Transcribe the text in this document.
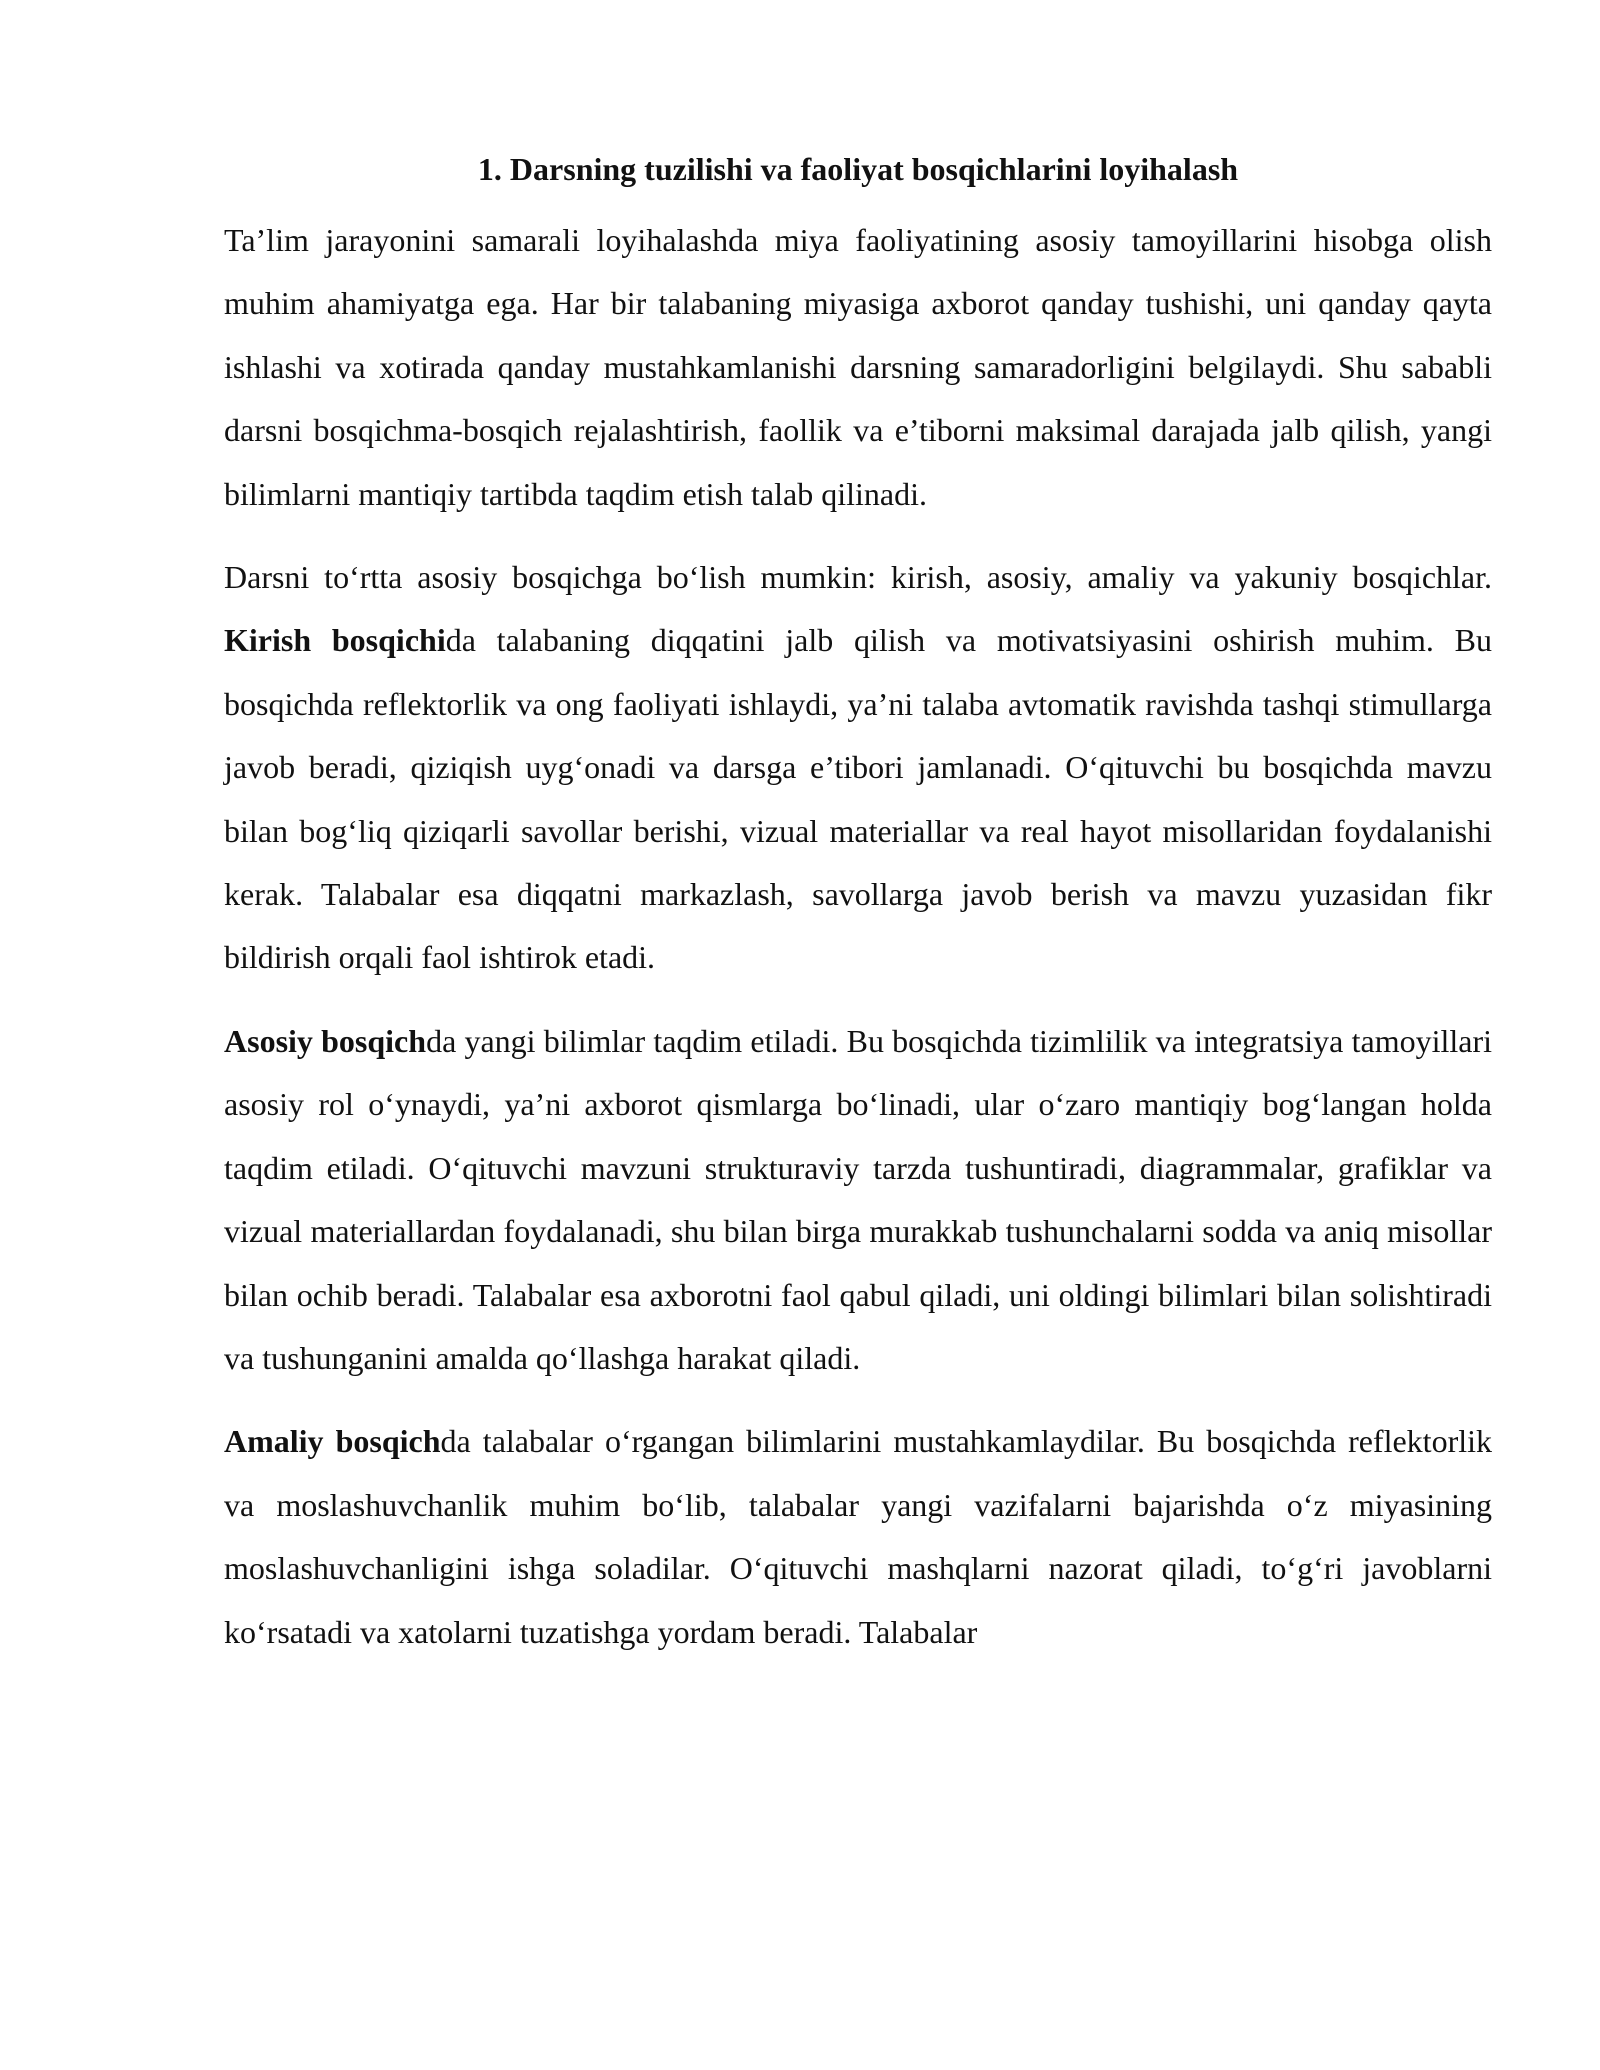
1. Darsning tuzilishi va faoliyat bosqichlarini loyihalash

Ta’lim jarayonini samarali loyihalashda miya faoliyatining asosiy tamoyillarini hisobga olish muhim ahamiyatga ega. Har bir talabaning miyasiga axborot qanday tushishi, uni qanday qayta ishlashi va xotirada qanday mustahkamlanishi darsning samaradorligini belgilaydi. Shu sababli darsni bosqichma-bosqich rejalashtirish, faollik va e’tiborni maksimal darajada jalb qilish, yangi bilimlarni mantiqiy tartibda taqdim etish talab qilinadi.

Darsni to‘rtta asosiy bosqichga bo‘lish mumkin: kirish, asosiy, amaliy va yakuniy bosqichlar. Kirish bosqichida talabaning diqqatini jalb qilish va motivatsiyasini oshirish muhim. Bu bosqichda reflektorlik va ong faoliyati ishlaydi, ya’ni talaba avtomatik ravishda tashqi stimullarga javob beradi, qiziqish uyg‘onadi va darsga e’tibori jamlanadi. O‘qituvchi bu bosqichda mavzu bilan bog‘liq qiziqarli savollar berishi, vizual materiallar va real hayot misollaridan foydalanishi kerak. Talabalar esa diqqatni markazlash, savollarga javob berish va mavzu yuzasidan fikr bildirish orqali faol ishtirok etadi.

Asosiy bosqichda yangi bilimlar taqdim etiladi. Bu bosqichda tizimlilik va integratsiya tamoyillari asosiy rol o‘ynaydi, ya’ni axborot qismlarga bo‘linadi, ular o‘zaro mantiqiy bog‘langan holda taqdim etiladi. O‘qituvchi mavzuni strukturaviy tarzda tushuntiradi, diagrammalar, grafiklar va vizual materiallardan foydalanadi, shu bilan birga murakkab tushunchalarni sodda va aniq misollar bilan ochib beradi. Talabalar esa axborotni faol qabul qiladi, uni oldingi bilimlari bilan solishtiradi va tushunganini amalda qo‘llashga harakat qiladi.

Amaliy bosqichda talabalar o‘rgangan bilimlarini mustahkamlaydilar. Bu bosqichda reflektorlik va moslashuvchanlik muhim bo‘lib, talabalar yangi vazifalarni bajarishda o‘z miyasining moslashuvchanligini ishga soladilar. O‘qituvchi mashqlarni nazorat qiladi, to‘g‘ri javoblarni ko‘rsatadi va xatolarni tuzatishga yordam beradi. Talabalar
